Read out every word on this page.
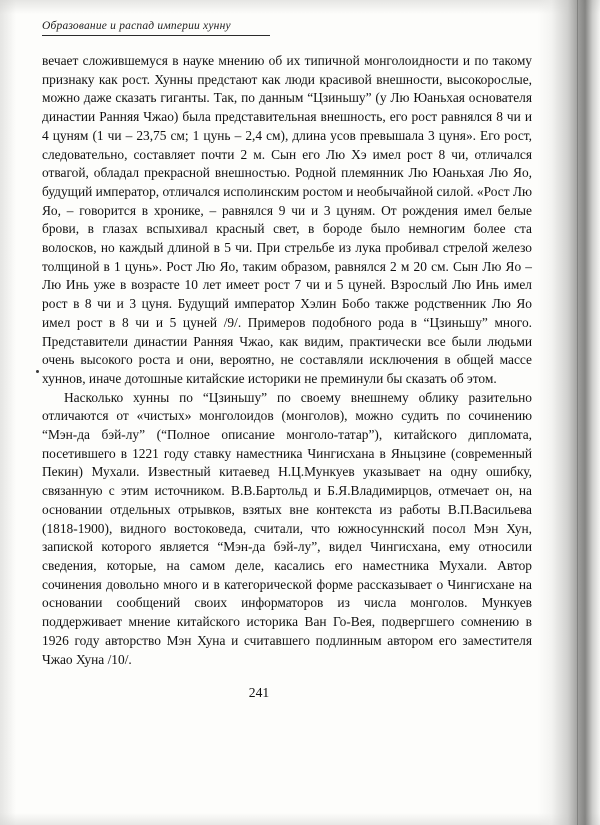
Образование и распад империи хунну

вечает сложившемуся в науке мнению об их типичной монголоидности и по такому признаку как рост. Хунны предстают как люди красивой внешности, высокорослые, можно даже сказать гиганты. Так, по данным “Цзиньшу” (у Лю Юаньхая основателя династии Ранняя Чжао) была представительная внешность, его рост равнялся 8 чи и 4 цуням (1 чи – 23,75 см; 1 цунь – 2,4 см), длина усов превышала 3 цуня». Его рост, следовательно, составляет почти 2 м. Сын его Лю Хэ имел рост 8 чи, отличался отвагой, обладал прекрасной внешностью. Родной племянник Лю Юаньхая Лю Яо, будущий император, отличался исполинским ростом и необычайной силой. «Рост Лю Яо, – говорится в хронике, – равнялся 9 чи и 3 цуням. От рождения имел белые брови, в глазах вспыхивал красный свет, в бороде было немногим более ста волосков, но каждый длиной в 5 чи. При стрельбе из лука пробивал стрелой железо толщиной в 1 цунь». Рост Лю Яо, таким образом, равнялся 2 м 20 см. Сын Лю Яо – Лю Инь уже в возрасте 10 лет имеет рост 7 чи и 5 цуней. Взрослый Лю Инь имел рост в 8 чи и 3 цуня. Будущий император Хэлин Бобо также родственник Лю Яо имел рост в 8 чи и 5 цуней /9/. Примеров подобного рода в “Цзиньшу” много. Представители династии Ранняя Чжао, как видим, практически все были людьми очень высокого роста и они, вероятно, не составляли исключения в общей массе хуннов, иначе дотошные китайские историки не преминули бы сказать об этом.

Насколько хунны по “Цзиньшу” по своему внешнему облику разительно отличаются от «чистых» монголоидов (монголов), можно судить по сочинению “Мэн-да бэй-лу” (“Полное описание монголо-татар”), китайского дипломата, посетившего в 1221 году ставку наместника Чингисхана в Яньцзине (современный Пекин) Мухали. Известный китаевед Н.Ц.Мункуев указывает на одну ошибку, связанную с этим источником. В.В.Бартольд и Б.Я.Владимирцов, отмечает он, на основании отдельных отрывков, взятых вне контекста из работы В.П.Васильева (1818-1900), видного востоковеда, считали, что южносуннский посол Мэн Хун, запиской которого является “Мэн-да бэй-лу”, видел Чингисхана, ему относили сведения, которые, на самом деле, касались его наместника Мухали. Автор сочинения довольно много и в категорической форме рассказывает о Чингисхане на основании сообщений своих информаторов из числа монголов. Мункуев поддерживает мнение китайского историка Ван Го-Вея, подвергшего сомнению в 1926 году авторство Мэн Хуна и считавшего подлинным автором его заместителя Чжао Хуна /10/.

241
